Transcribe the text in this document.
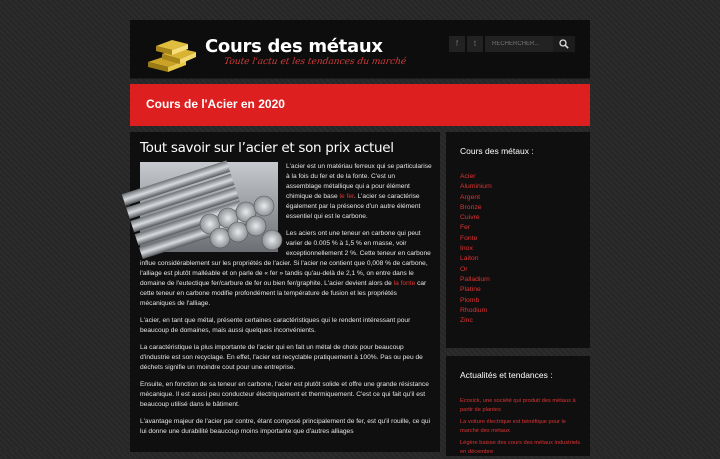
Cours des métaux
Toute l'actu et les tendances du marché
f	t
RECHERCHER...
Cours de l'Acier en 2020
Tout savoir sur l’acier et son prix actuel

L'acier est un matériau ferreux qui se particularise à la fois du fer et de la fonte. C'est un assemblage métallique qui a pour élément chimique de base le fer. L'acier se caractérise également par la présence d'un autre élément essentiel qui est le carbone.

Les aciers ont une teneur en carbone qui peut varier de 0.005 % à 1,5 % en masse, voir exceptionnellement 2 %. Cette teneur en carbone influe considérablement sur les propriétés de l'acier. Si l'acier ne contient que 0,008 % de carbone, l'alliage est plutôt malléable et on parle de « fer » tandis qu'au-delà de 2,1 %, on entre dans le domaine de l'eutectique fer/carbure de fer ou bien fer/graphite. L'acier devient alors de la fonte car cette teneur en carbone modifie profondément la température de fusion et les propriétés mécaniques de l'alliage.

L'acier, en tant que métal, présente certaines caractéristiques qui le rendent intéressant pour beaucoup de domaines, mais aussi quelques inconvénients.

La caractéristique la plus importante de l'acier qui en fait un métal de choix pour beaucoup d'industrie est son recyclage. En effet, l'acier est recyclable pratiquement à 100%. Pas ou peu de déchets signifie un moindre cout pour une entreprise.

Ensuite, en fonction de sa teneur en carbone, l'acier est plutôt solide et offre une grande résistance mécanique. Il est aussi peu conducteur électriquement et thermiquement. C'est ce qui fait qu'il est beaucoup utilisé dans le bâtiment.

L'avantage majeur de l'acier par contre, étant composé principalement de fer, est qu'il rouille, ce qui lui donne une durabilité beaucoup moins importante que d'autres alliages

Cours des métaux :
Acier
Aluminium
Argent
Bronze
Cuivre
Fer
Fonte
Inox
Laiton
Or
Palladium
Platine
Plomb
Rhodium
Zinc
Actualités et tendances :
Ecoxick, une société qui produit des métaux à partir de plantes
La voiture électrique est bénéfique pour le marché des métaux
Légère baisse des cours des métaux industriels en décembre
